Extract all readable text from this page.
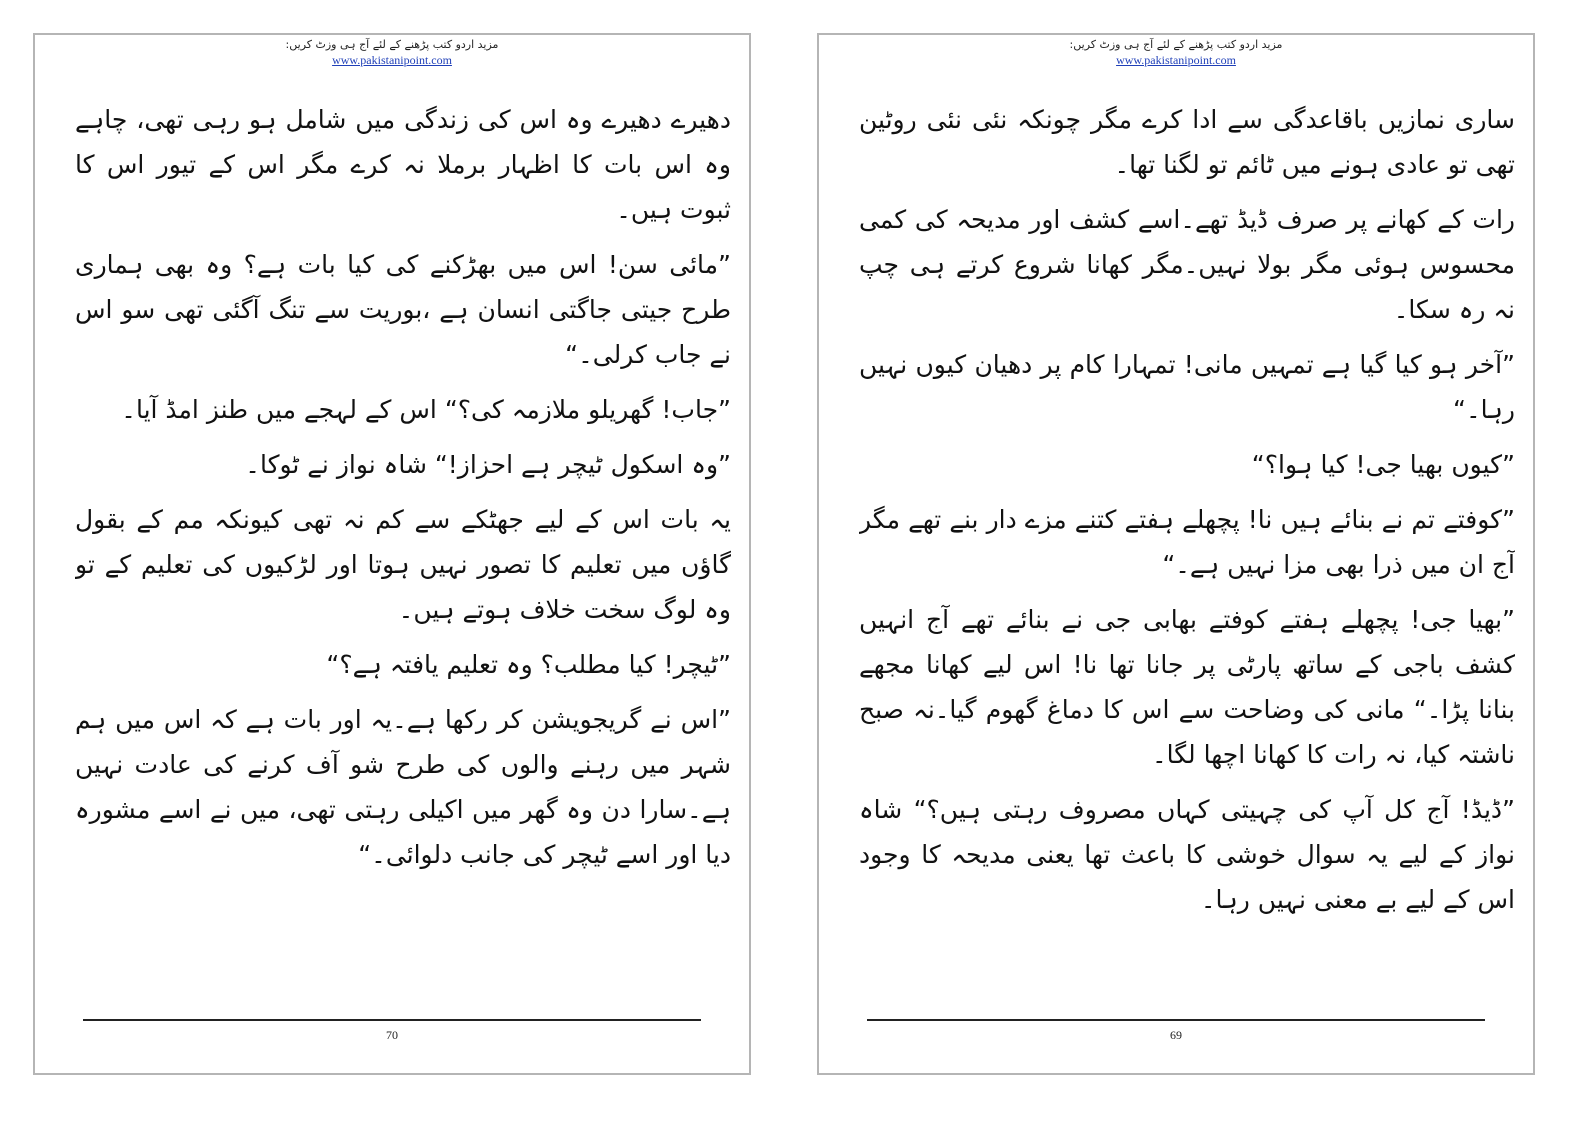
مزید اردو کتب پڑھنے کے لئے آج ہی وزٹ کریں:
www.pakistanipoint.com

دھیرے دھیرے وہ اس کی زندگی میں شامل ہو رہی تھی، چاہے وہ اس بات کا اظہار برملا نہ کرے مگر اس کے تیور اس کا ثبوت ہیں۔

”مائی سن! اس میں بھڑکنے کی کیا بات ہے؟ وہ بھی ہماری طرح جیتی جاگتی انسان ہے ،بوریت سے تنگ آگئی تھی سو اس نے جاب کرلی۔“

”جاب! گھریلو ملازمہ کی؟“ اس کے لہجے میں طنز امڈ آیا۔

”وہ اسکول ٹیچر ہے احزاز!“ شاہ نواز نے ٹوکا۔

یہ بات اس کے لیے جھٹکے سے کم نہ تھی کیونکہ مم کے بقول گاؤں میں تعلیم کا تصور نہیں ہوتا اور لڑکیوں کی تعلیم کے تو وہ لوگ سخت خلاف ہوتے ہیں۔

”ٹیچر! کیا مطلب؟ وہ تعلیم یافتہ ہے؟“

”اس نے گریجویشن کر رکھا ہے۔یہ اور بات ہے کہ اس میں ہم شہر میں رہنے والوں کی طرح شو آف کرنے کی عادت نہیں ہے۔سارا دن وہ گھر میں اکیلی رہتی تھی، میں نے اسے مشورہ دیا اور اسے ٹیچر کی جانب دلوائی۔“

70
مزید اردو کتب پڑھنے کے لئے آج ہی وزٹ کریں:
www.pakistanipoint.com

ساری نمازیں باقاعدگی سے ادا کرے مگر چونکہ نئی نئی روٹین تھی تو عادی ہونے میں ٹائم تو لگنا تھا۔

رات کے کھانے پر صرف ڈیڈ تھے۔اسے کشف اور مدیحہ کی کمی محسوس ہوئی مگر بولا نہیں۔مگر کھانا شروع کرتے ہی چپ نہ رہ سکا۔

”آخر ہو کیا گیا ہے تمہیں مانی! تمہارا کام پر دھیان کیوں نہیں رہا۔“

”کیوں بھیا جی! کیا ہوا؟“

”کوفتے تم نے بنائے ہیں نا! پچھلے ہفتے کتنے مزے دار بنے تھے مگر آج ان میں ذرا بھی مزا نہیں ہے۔“

”بھیا جی! پچھلے ہفتے کوفتے بھابی جی نے بنائے تھے آج انہیں کشف باجی کے ساتھ پارٹی پر جانا تھا نا! اس لیے کھانا مجھے بنانا پڑا۔“ مانی کی وضاحت سے اس کا دماغ گھوم گیا۔نہ صبح ناشتہ کیا، نہ رات کا کھانا اچھا لگا۔

”ڈیڈ! آج کل آپ کی چہیتی کہاں مصروف رہتی ہیں؟“ شاہ نواز کے لیے یہ سوال خوشی کا باعث تھا یعنی مدیحہ کا وجود اس کے لیے بے معنی نہیں رہا۔

69
